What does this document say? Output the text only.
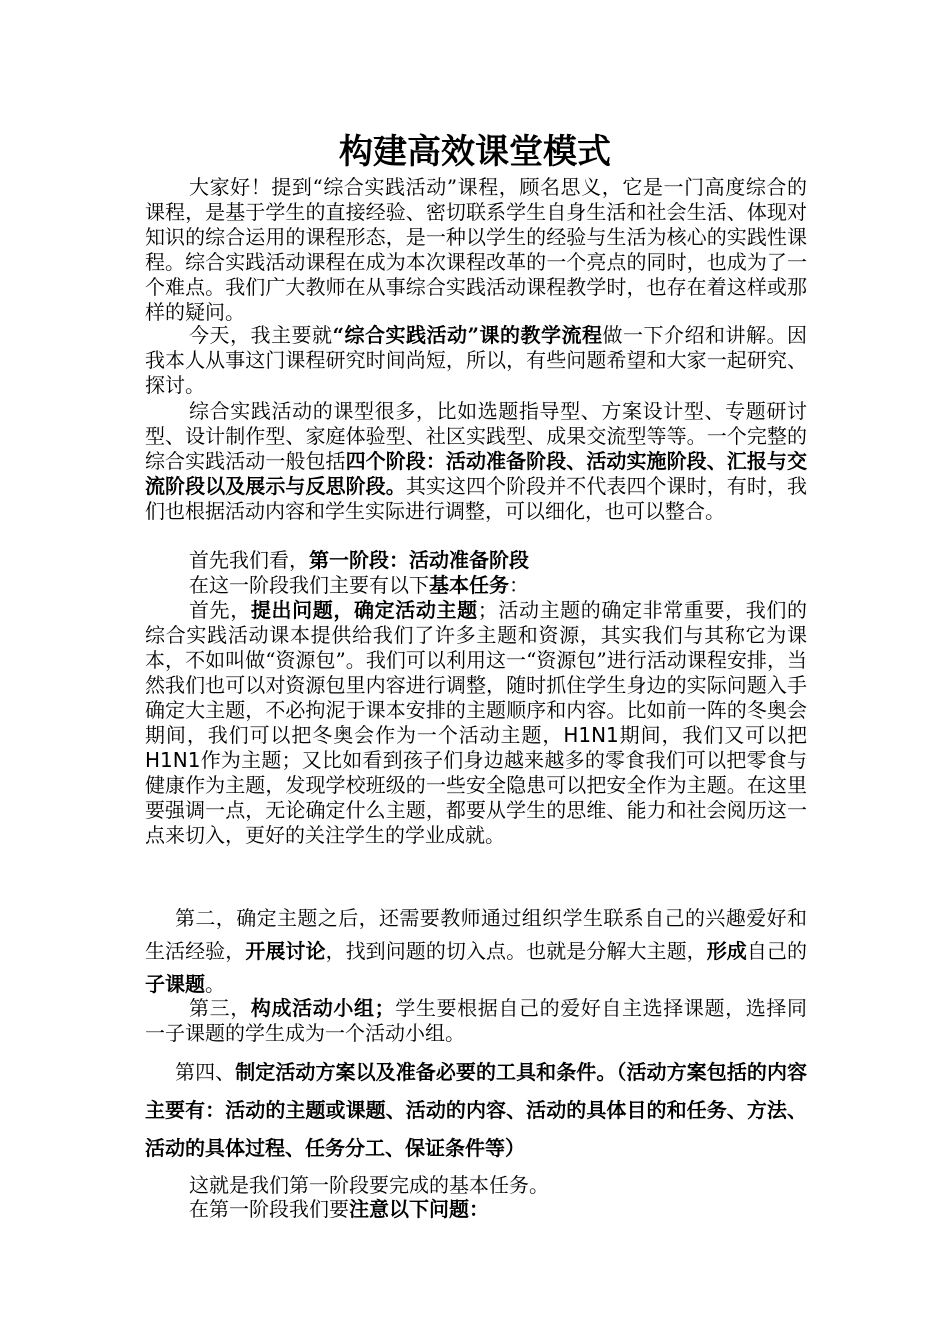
构建高效课堂模式

大家好！提到“综合实践活动”课程，顾名思义，它是一门高度综合的课程，是基于学生的直接经验、密切联系学生自身生活和社会生活、体现对知识的综合运用的课程形态，是一种以学生的经验与生活为核心的实践性课程。综合实践活动课程在成为本次课程改革的一个亮点的同时，也成为了一个难点。我们广大教师在从事综合实践活动课程教学时，也存在着这样或那样的疑问。

今天，我主要就“综合实践活动”课的教学流程做一下介绍和讲解。因我本人从事这门课程研究时间尚短，所以，有些问题希望和大家一起研究、探讨。

综合实践活动的课型很多，比如选题指导型、方案设计型、专题研讨型、设计制作型、家庭体验型、社区实践型、成果交流型等等。一个完整的综合实践活动一般包括四个阶段：活动准备阶段、活动实施阶段、汇报与交流阶段以及展示与反思阶段。其实这四个阶段并不代表四个课时，有时，我们也根据活动内容和学生实际进行调整，可以细化，也可以整合。

首先我们看，第一阶段：活动准备阶段

在这一阶段我们主要有以下基本任务：

首先，提出问题，确定活动主题；活动主题的确定非常重要，我们的综合实践活动课本提供给我们了许多主题和资源，其实我们与其称它为课本，不如叫做“资源包”。我们可以利用这一“资源包”进行活动课程安排，当然我们也可以对资源包里内容进行调整，随时抓住学生身边的实际问题入手确定大主题，不必拘泥于课本安排的主题顺序和内容。比如前一阵的冬奥会期间，我们可以把冬奥会作为一个活动主题，H1N1期间，我们又可以把H1N1作为主题；又比如看到孩子们身边越来越多的零食我们可以把零食与健康作为主题，发现学校班级的一些安全隐患可以把安全作为主题。在这里要强调一点，无论确定什么主题，都要从学生的思维、能力和社会阅历这一点来切入，更好的关注学生的学业成就。

第二，确定主题之后，还需要教师通过组织学生联系自己的兴趣爱好和生活经验，开展讨论，找到问题的切入点。也就是分解大主题，形成自己的子课题。

第三，构成活动小组；学生要根据自己的爱好自主选择课题，选择同一子课题的学生成为一个活动小组。

第四、制定活动方案以及准备必要的工具和条件。（活动方案包括的内容主要有：活动的主题或课题、活动的内容、活动的具体目的和任务、方法、活动的具体过程、任务分工、保证条件等）

这就是我们第一阶段要完成的基本任务。

在第一阶段我们要注意以下问题：
